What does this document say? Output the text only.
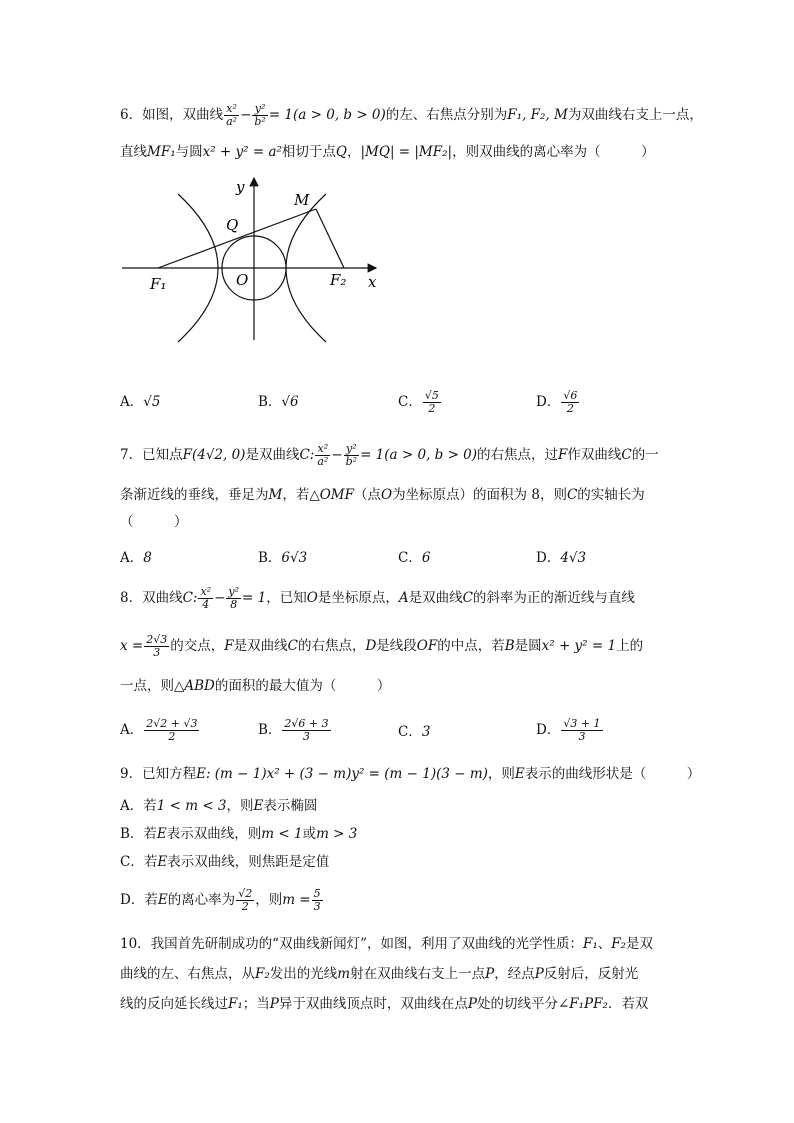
6．如图，双曲线 $\frac{\text{x²}}{\text{a²}} - \frac{\text{y²}}{\text{b²}} = 1(a > 0$, b > 0)的左、右焦点分别为F₁, F₂, M为双曲线右支上一点，
直线MF₁与圆x² + y² = a²相切于点Q，|MQ| = |MF₂|，则双曲线的离心率为（　　　）
y
x
M
Q
O
F₁	F₂
A．√5	B．√6	C． $\frac{√5}{2}$	D． $\frac{√6}{2}$
7．已知点F(4√2, 0)是双曲线C: $\frac{\text{x²}}{\text{a²}} - \frac{\text{y²}}{\text{b²}} = 1(a > 0$, b > 0)的右焦点，过F作双曲线C的一
条渐近线的垂线，垂足为M，若△OMF（点O为坐标原点）的面积为 8，则C的实轴长为
（　　　）
A．8	B．6√3	C．6	D．4√3
8．双曲线C: $\frac{\text{x²}}{4} - \frac{\text{y²}}{8} = 1$，已知O是坐标原点，A是双曲线C的斜率为正的渐近线与直线
$x = \frac{2√3}{3}$ 的交点，F是双曲线C的右焦点，D是线段OF的中点，若B是圆x² + y² = 1上的
一点，则△ABD的面积的最大值为（　　　）
A． $\frac{2√2 + √3}{2}$	B． $\frac{2√6 + 3}{3}$	C．3	D． $\frac{√3 + 1}{3}$
9．已知方程E: (m − 1)x² + (3 − m)y² = (m − 1)(3 − m)，则E表示的曲线形状是（　　　）
A．若1 < m < 3，则E表示椭圆
B．若E表示双曲线，则m < 1或m > 3
C．若E表示双曲线，则焦距是定值
D．若E的离心率为 $\frac{√2}{2}$ ，则$m = \frac{5}{3}$
10．我国首先研制成功的“双曲线新闻灯”，如图，利用了双曲线的光学性质：F₁、F₂是双
曲线的左、右焦点，从F₂发出的光线m射在双曲线右支上一点P，经点P反射后，反射光
线的反向延长线过F₁；当P异于双曲线顶点时，双曲线在点P处的切线平分∠F₁PF₂．若双
